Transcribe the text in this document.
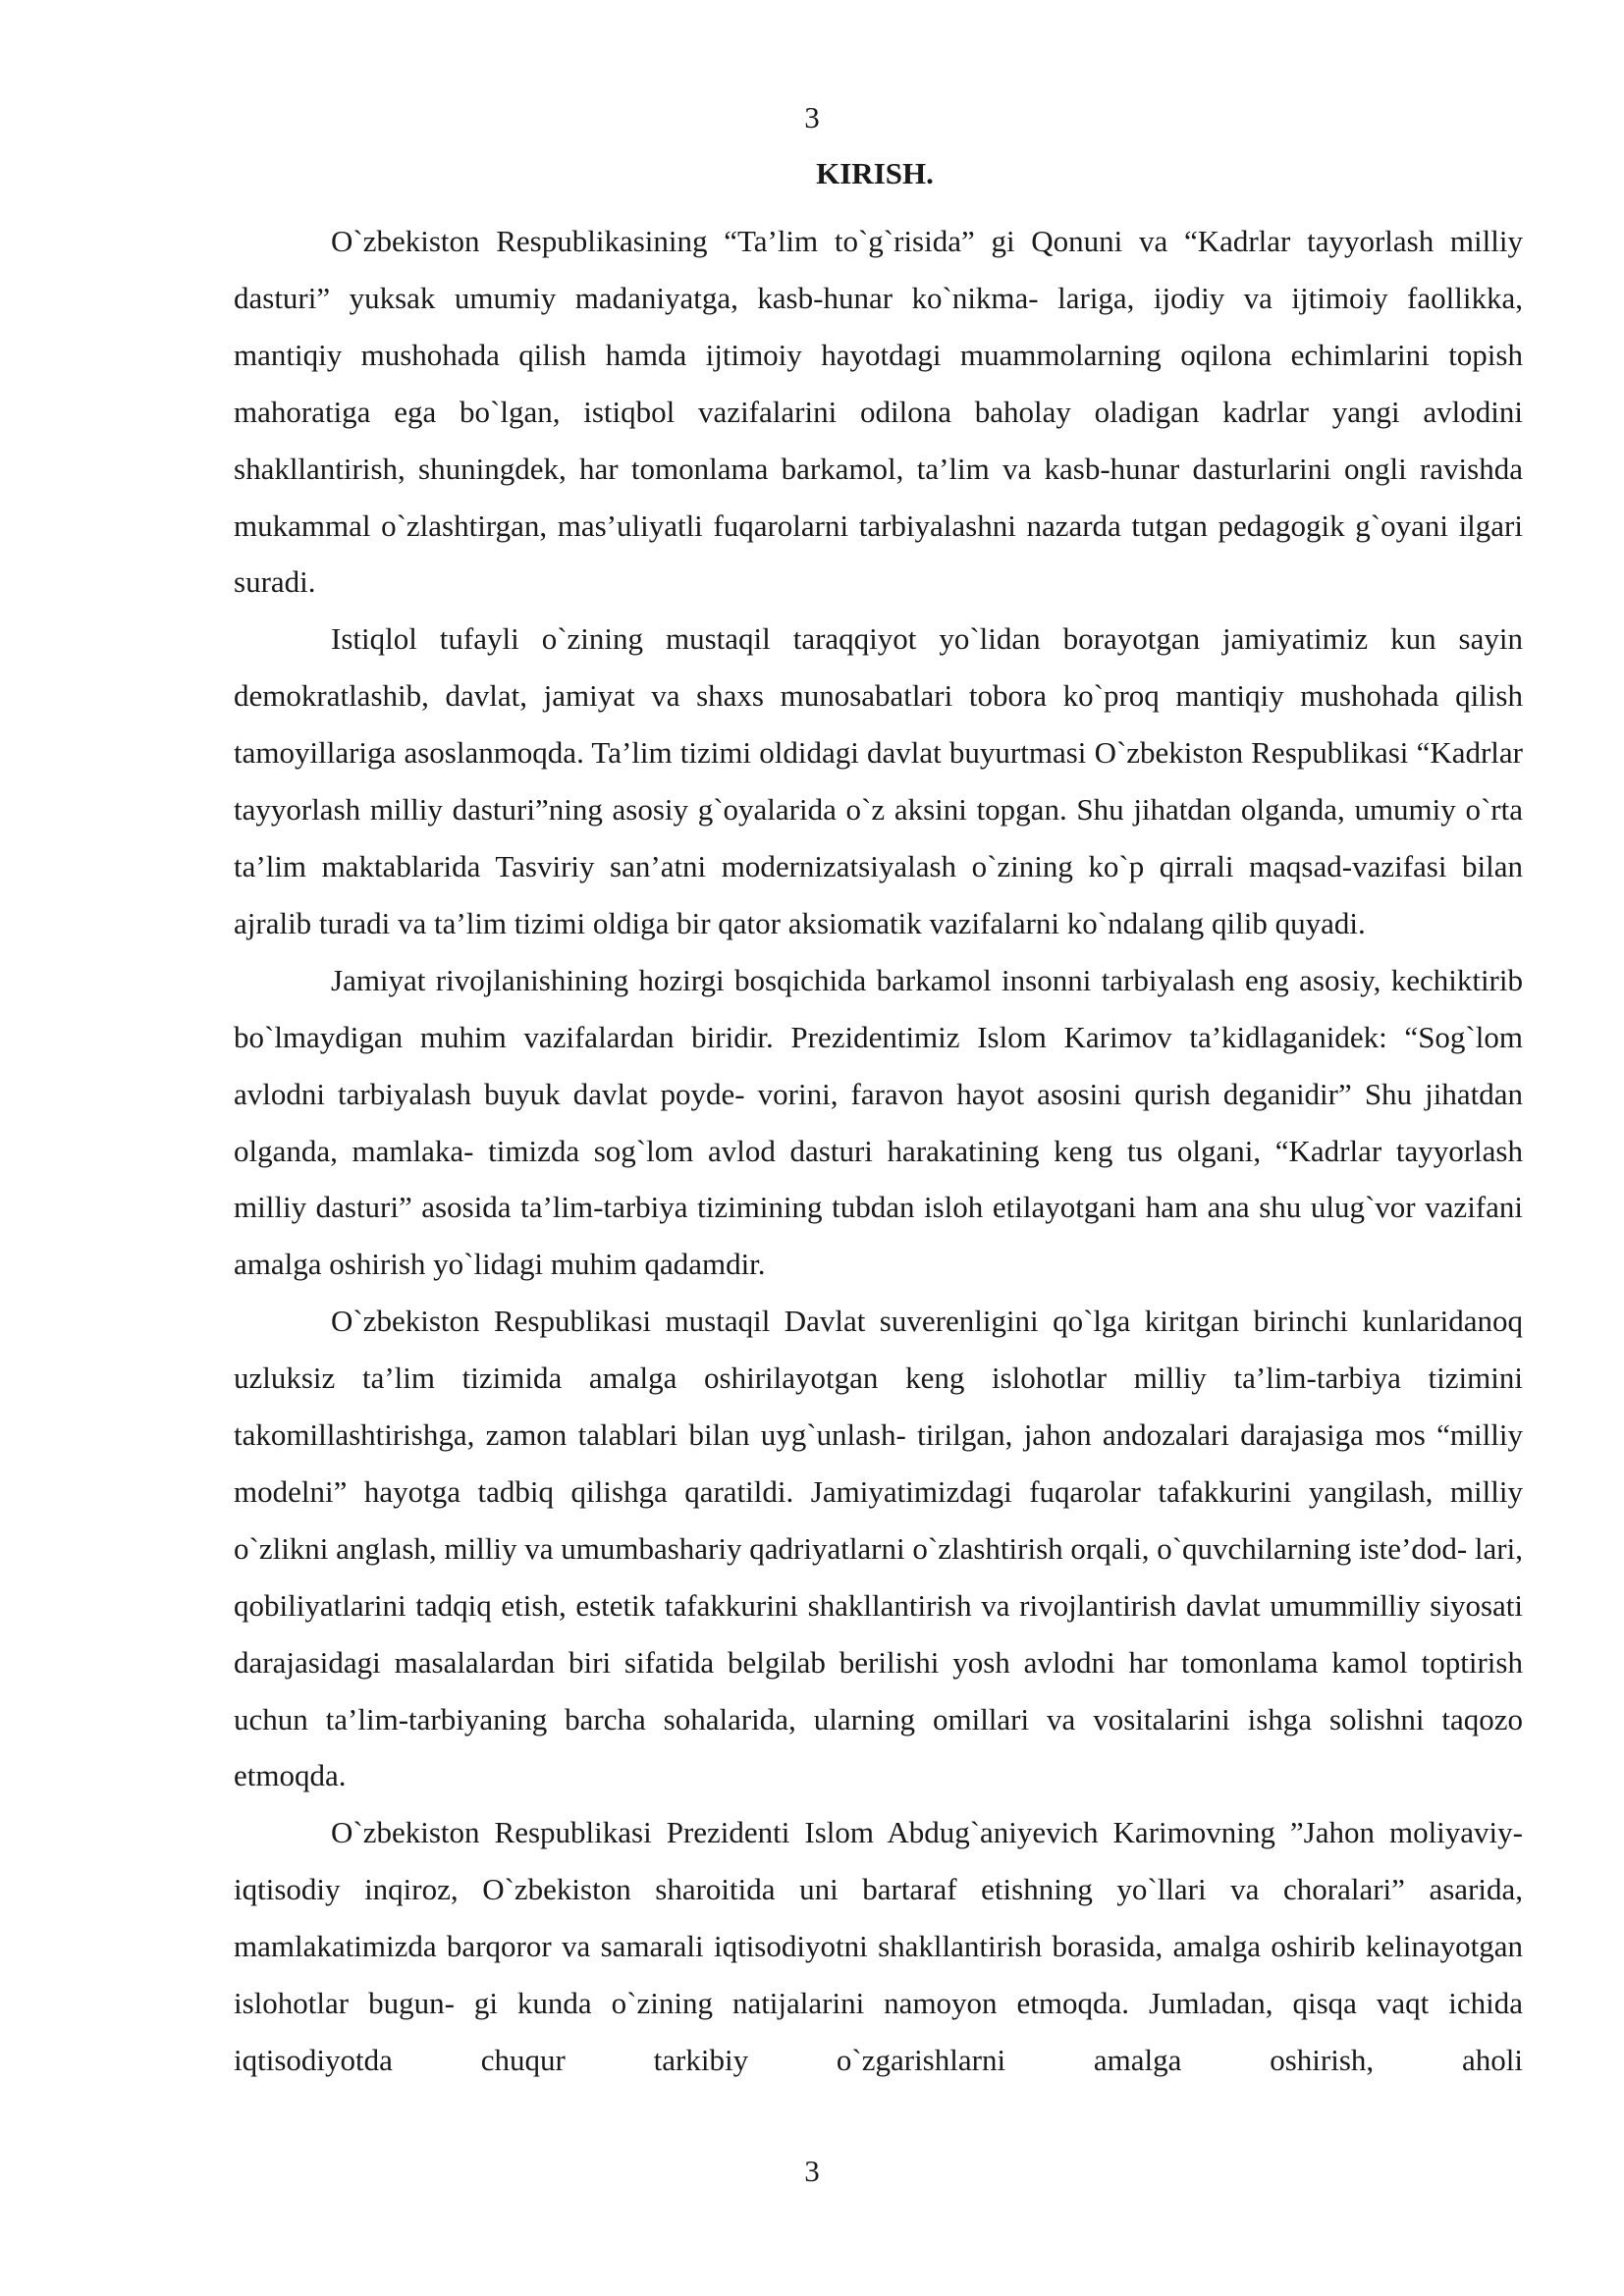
3
KIRISH.

O`zbekiston Respublikasining “Ta’lim to`g`risida” gi Qonuni va “Kadrlar tayyorlash milliy dasturi” yuksak umumiy madaniyatga, kasb-hunar ko`nikma- lariga, ijodiy va ijtimoiy faollikka, mantiqiy mushohada qilish hamda ijtimoiy hayotdagi muammolarning oqilona echimlarini topish mahoratiga ega bo`lgan, istiqbol vazifalarini odilona baholay oladigan kadrlar yangi avlodini shakllantirish, shuningdek, har tomonlama barkamol, ta’lim va kasb-hunar dasturlarini ongli ravishda mukammal o`zlashtirgan, mas’uliyatli fuqarolarni tarbiyalashni nazarda tutgan pedagogik g`oyani ilgari suradi.

Istiqlol tufayli o`zining mustaqil taraqqiyot yo`lidan borayotgan jamiyatimiz kun sayin demokratlashib, davlat, jamiyat va shaxs munosabatlari tobora ko`proq mantiqiy mushohada qilish tamoyillariga asoslanmoqda. Ta’lim tizimi oldidagi davlat buyurtmasi O`zbekiston Respublikasi “Kadrlar tayyorlash milliy dasturi”ning asosiy g`oyalarida o`z aksini topgan. Shu jihatdan olganda, umumiy o`rta ta’lim maktablarida Tasviriy san’atni modernizatsiyalash o`zining ko`p qirrali maqsad-vazifasi bilan ajralib turadi va ta’lim tizimi oldiga bir qator aksiomatik vazifalarni ko`ndalang qilib quyadi.

Jamiyat rivojlanishining hozirgi bosqichida barkamol insonni tarbiyalash eng asosiy, kechiktirib bo`lmaydigan muhim vazifalardan biridir. Prezidentimiz Islom Karimov ta’kidlaganidek: “Sog`lom avlodni tarbiyalash buyuk davlat poyde- vorini, faravon hayot asosini qurish deganidir” Shu jihatdan olganda, mamlaka- timizda sog`lom avlod dasturi harakatining keng tus olgani, “Kadrlar tayyorlash milliy dasturi” asosida ta’lim-tarbiya tizimining tubdan isloh etilayotgani ham ana shu ulug`vor vazifani amalga oshirish yo`lidagi muhim qadamdir.

O`zbekiston Respublikasi mustaqil Davlat suverenligini qo`lga kiritgan birinchi kunlaridanoq uzluksiz ta’lim tizimida amalga oshirilayotgan keng islohotlar milliy ta’lim-tarbiya tizimini takomillashtirishga, zamon talablari bilan uyg`unlash- tirilgan, jahon andozalari darajasiga mos “milliy modelni” hayotga tadbiq qilishga qaratildi. Jamiyatimizdagi fuqarolar tafakkurini yangilash, milliy o`zlikni anglash, milliy va umumbashariy qadriyatlarni o`zlashtirish orqali, o`quvchilarning iste’dod- lari, qobiliyatlarini tadqiq etish, estetik tafakkurini shakllantirish va rivojlantirish davlat umummilliy siyosati darajasidagi masalalardan biri sifatida belgilab berilishi yosh avlodni har tomonlama kamol toptirish uchun ta’lim-tarbiyaning barcha sohalarida, ularning omillari va vositalarini ishga solishni taqozo etmoqda.

O`zbekiston Respublikasi Prezidenti Islom Abdug`aniyevich Karimovning ”Jahon moliyaviy-iqtisodiy inqiroz, O`zbekiston sharoitida uni bartaraf etishning yo`llari va choralari” asarida, mamlakatimizda barqoror va samarali iqtisodiyotni shakllantirish borasida, amalga oshirib kelinayotgan islohotlar bugun- gi kunda o`zining natijalarini namoyon etmoqda. Jumladan, qisqa vaqt ichida iqtisodiyotda chuqur tarkibiy o`zgarishlarni amalga oshirish, aholi

3
